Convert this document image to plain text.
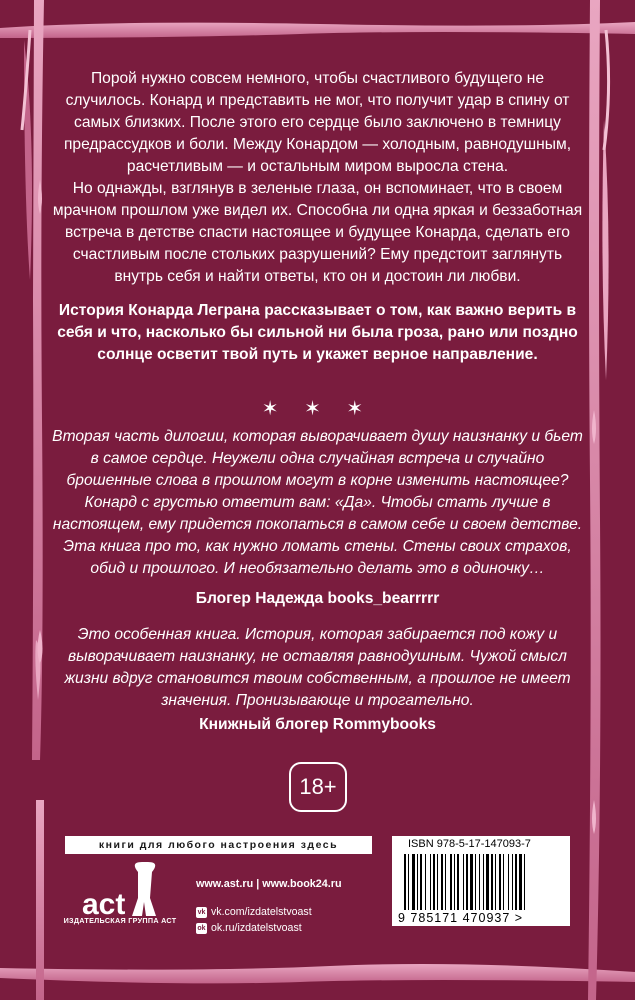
Порой нужно совсем немного, чтобы счастливого будущего не случилось. Конард и представить не мог, что получит удар в спину от самых близких. После этого его сердце было заключено в темницу предрассудков и боли. Между Конардом — холодным, равнодушным, расчетливым — и остальным миром выросла стена.

Но однажды, взглянув в зеленые глаза, он вспоминает, что в своем мрачном прошлом уже видел их. Способна ли одна яркая и беззаботная встреча в детстве спасти настоящее и будущее Конарда, сделать его счастливым после стольких разрушений? Ему предстоит заглянуть внутрь себя и найти ответы, кто он и достоин ли любви.

История Конарда Леграна рассказывает о том, как важно верить в себя и что, насколько бы сильной ни была гроза, рано или поздно солнце осветит твой путь и укажет верное направление.

✶ ✶ ✶

Вторая часть дилогии, которая выворачивает душу наизнанку и бьет в самое сердце. Неужели одна случайная встреча и случайно брошенные слова в прошлом могут в корне изменить настоящее? Конард с грустью ответит вам: «Да». Чтобы стать лучше в настоящем, ему придется покопаться в самом себе и своем детстве. Эта книга про то, как нужно ломать стены. Стены своих страхов, обид и прошлого. И необязательно делать это в одиночку…

Блогер Надежда books_bearrrrr

Это особенная книга. История, которая забирается под кожу и выворачивает наизнанку, не оставляя равнодушным. Чужой смысл жизни вдруг становится твоим собственным, а прошлое не имеет значения. Пронизывающе и трогательно.

Книжный блогер Rommybooks
18+
книги для любого настроения здесь
act
ИЗДАТЕЛЬСКАЯ ГРУППА АСТ
www.ast.ru | www.book24.ru
vk vk.com/izdatelstvoast
ok ok.ru/izdatelstvoast
ISBN 978-5-17-147093-7
9 785171 470937 >
